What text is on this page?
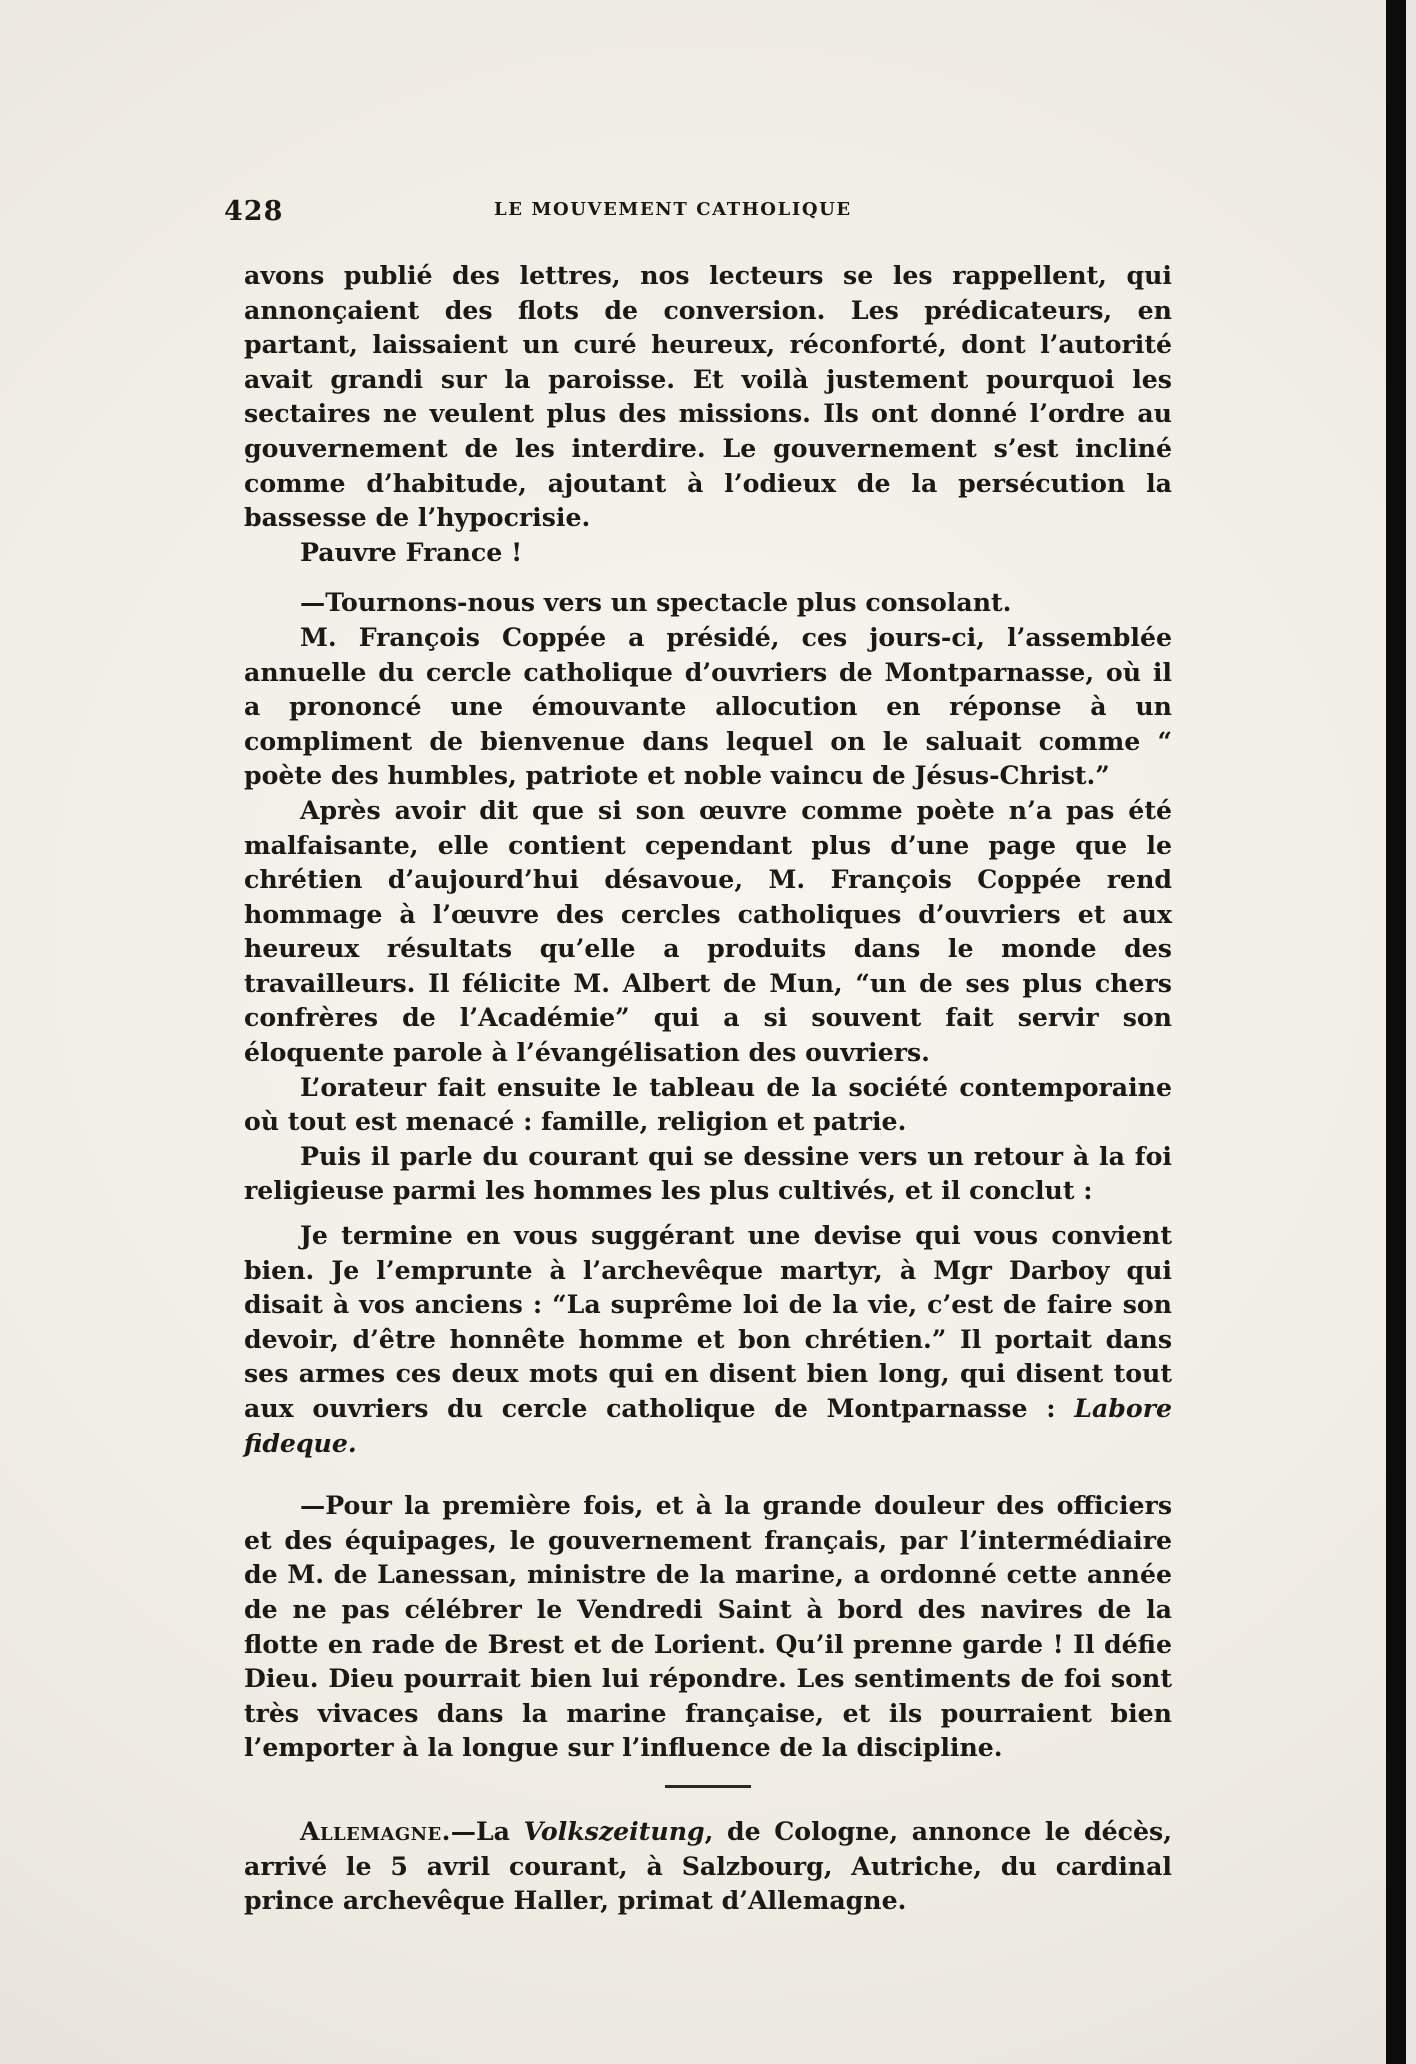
428	LE MOUVEMENT CATHOLIQUE

avons publié des lettres, nos lecteurs se les rappellent, qui annonçaient des flots de conversion. Les prédicateurs, en partant, laissaient un curé heureux, réconforté, dont l’autorité avait grandi sur la paroisse. Et voilà justement pourquoi les sectaires ne veulent plus des missions. Ils ont donné l’ordre au gouvernement de les interdire. Le gouvernement s’est incliné comme d’habitude, ajoutant à l’odieux de la persécution la bassesse de l’hypocrisie.

Pauvre France !

—Tournons-nous vers un spectacle plus consolant.

M. François Coppée a présidé, ces jours-ci, l’assemblée annuelle du cercle catholique d’ouvriers de Montparnasse, où il a prononcé une émouvante allocution en réponse à un compliment de bienvenue dans lequel on le saluait comme “ poète des humbles, patriote et noble vaincu de Jésus-Christ.”

Après avoir dit que si son œuvre comme poète n’a pas été malfaisante, elle contient cependant plus d’une page que le chrétien d’aujourd’hui désavoue, M. François Coppée rend hommage à l’œuvre des cercles catholiques d’ouvriers et aux heureux résultats qu’elle a produits dans le monde des travailleurs. Il félicite M. Albert de Mun, “un de ses plus chers confrères de l’Académie” qui a si souvent fait servir son éloquente parole à l’évangélisation des ouvriers.

L’orateur fait ensuite le tableau de la société contemporaine où tout est menacé : famille, religion et patrie.

Puis il parle du courant qui se dessine vers un retour à la foi religieuse parmi les hommes les plus cultivés, et il conclut :

Je termine en vous suggérant une devise qui vous convient bien. Je l’emprunte à l’archevêque martyr, à Mgr Darboy qui disait à vos anciens : “La suprême loi de la vie, c’est de faire son devoir, d’être honnête homme et bon chrétien.” Il portait dans ses armes ces deux mots qui en disent bien long, qui disent tout aux ouvriers du cercle catholique de Montparnasse : Labore fideque.

—Pour la première fois, et à la grande douleur des officiers et des équipages, le gouvernement français, par l’intermédiaire de M. de Lanessan, ministre de la marine, a ordonné cette année de ne pas célébrer le Vendredi Saint à bord des navires de la flotte en rade de Brest et de Lorient. Qu’il prenne garde ! Il défie Dieu. Dieu pourrait bien lui répondre. Les sentiments de foi sont très vivaces dans la marine française, et ils pourraient bien l’emporter à la longue sur l’influence de la discipline.

Allemagne.—La Volkszeitung, de Cologne, annonce le décès, arrivé le 5 avril courant, à Salzbourg, Autriche, du cardinal prince archevêque Haller, primat d’Allemagne.
